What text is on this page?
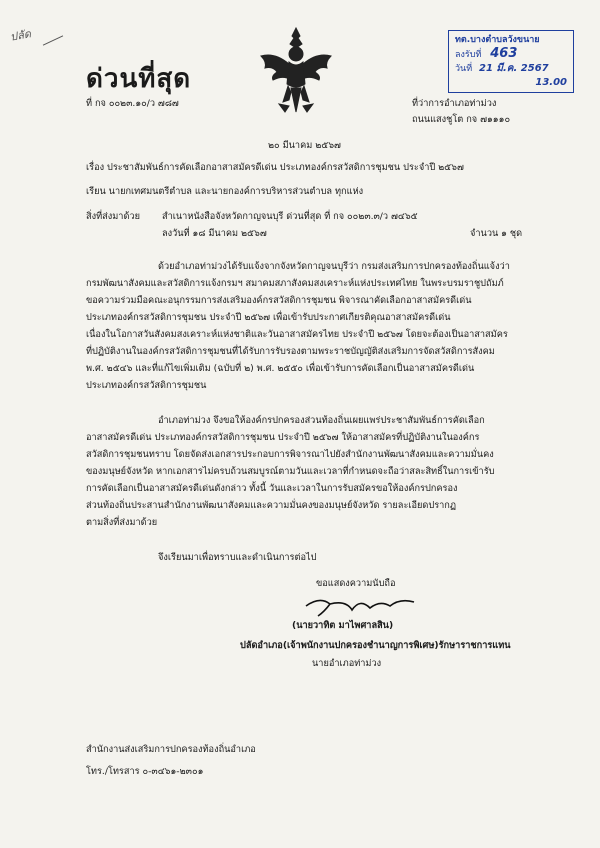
ปลัด
ด่วนที่สุด
ที่ กจ ๐๐๒๓.๑๐/ว ๗๘๗
ทต.บางตำบลวังขนาย
ลงรับที่ 463
วันที่ 21 มี.ค. 2567
13.00
ที่ว่าการอำเภอท่าม่วง
ถนนแสงชูโต กจ ๗๑๑๑๐
๒๐ มีนาคม ๒๕๖๗
เรื่อง ประชาสัมพันธ์การคัดเลือกอาสาสมัครดีเด่น ประเภทองค์กรสวัสดิการชุมชน ประจำปี ๒๕๖๗
เรียน นายกเทศมนตรีตำบล และนายกองค์การบริหารส่วนตำบล ทุกแห่ง
สิ่งที่ส่งมาด้วย สำเนาหนังสือจังหวัดกาญจนบุรี ด่วนที่สุด ที่ กจ ๐๐๒๓.๓/ว ๗๔๖๕
ลงวันที่ ๑๘ มีนาคม ๒๕๖๗	จำนวน ๑ ชุด
ด้วยอำเภอท่าม่วงได้รับแจ้งจากจังหวัดกาญจนบุรีว่า กรมส่งเสริมการปกครองท้องถิ่นแจ้งว่า
กรมพัฒนาสังคมและสวัสดิการแจ้งกรมฯ สมาคมสภาสังคมสงเคราะห์แห่งประเทศไทย ในพระบรมราชูปถัมภ์
ขอความร่วมมือคณะอนุกรรมการส่งเสริมองค์กรสวัสดิการชุมชน พิจารณาคัดเลือกอาสาสมัครดีเด่น
ประเภทองค์กรสวัสดิการชุมชน ประจำปี ๒๕๖๗ เพื่อเข้ารับประกาศเกียรติคุณอาสาสมัครดีเด่น
เนื่องในโอกาสวันสังคมสงเคราะห์แห่งชาติและวันอาสาสมัครไทย ประจำปี ๒๕๖๗ โดยจะต้องเป็นอาสาสมัคร
ที่ปฏิบัติงานในองค์กรสวัสดิการชุมชนที่ได้รับการรับรองตามพระราชบัญญัติส่งเสริมการจัดสวัสดิการสังคม
พ.ศ. ๒๕๔๖ และที่แก้ไขเพิ่มเติม (ฉบับที่ ๒) พ.ศ. ๒๕๕๐ เพื่อเข้ารับการคัดเลือกเป็นอาสาสมัครดีเด่น
ประเภทองค์กรสวัสดิการชุมชน
อำเภอท่าม่วง จึงขอให้องค์กรปกครองส่วนท้องถิ่นเผยแพร่ประชาสัมพันธ์การคัดเลือก
อาสาสมัครดีเด่น ประเภทองค์กรสวัสดิการชุมชน ประจำปี ๒๕๖๗ ให้อาสาสมัครที่ปฏิบัติงานในองค์กร
สวัสดิการชุมชนทราบ โดยจัดส่งเอกสารประกอบการพิจารณาไปยังสำนักงานพัฒนาสังคมและความมั่นคง
ของมนุษย์จังหวัด หากเอกสารไม่ครบถ้วนสมบูรณ์ตามวันและเวลาที่กำหนดจะถือว่าสละสิทธิ์ในการเข้ารับ
การคัดเลือกเป็นอาสาสมัครดีเด่นดังกล่าว ทั้งนี้ วันและเวลาในการรับสมัครขอให้องค์กรปกครอง
ส่วนท้องถิ่นประสานสำนักงานพัฒนาสังคมและความมั่นคงของมนุษย์จังหวัด รายละเอียดปรากฏ
ตามสิ่งที่ส่งมาด้วย
จึงเรียนมาเพื่อทราบและดำเนินการต่อไป
ขอแสดงความนับถือ
(นายวาทิต มาไพศาลสิน)
ปลัดอำเภอ(เจ้าพนักงานปกครองชำนาญการพิเศษ)รักษาราชการแทน
นายอำเภอท่าม่วง
สำนักงานส่งเสริมการปกครองท้องถิ่นอำเภอ
โทร./โทรสาร ๐-๓๔๖๑-๒๓๐๑
